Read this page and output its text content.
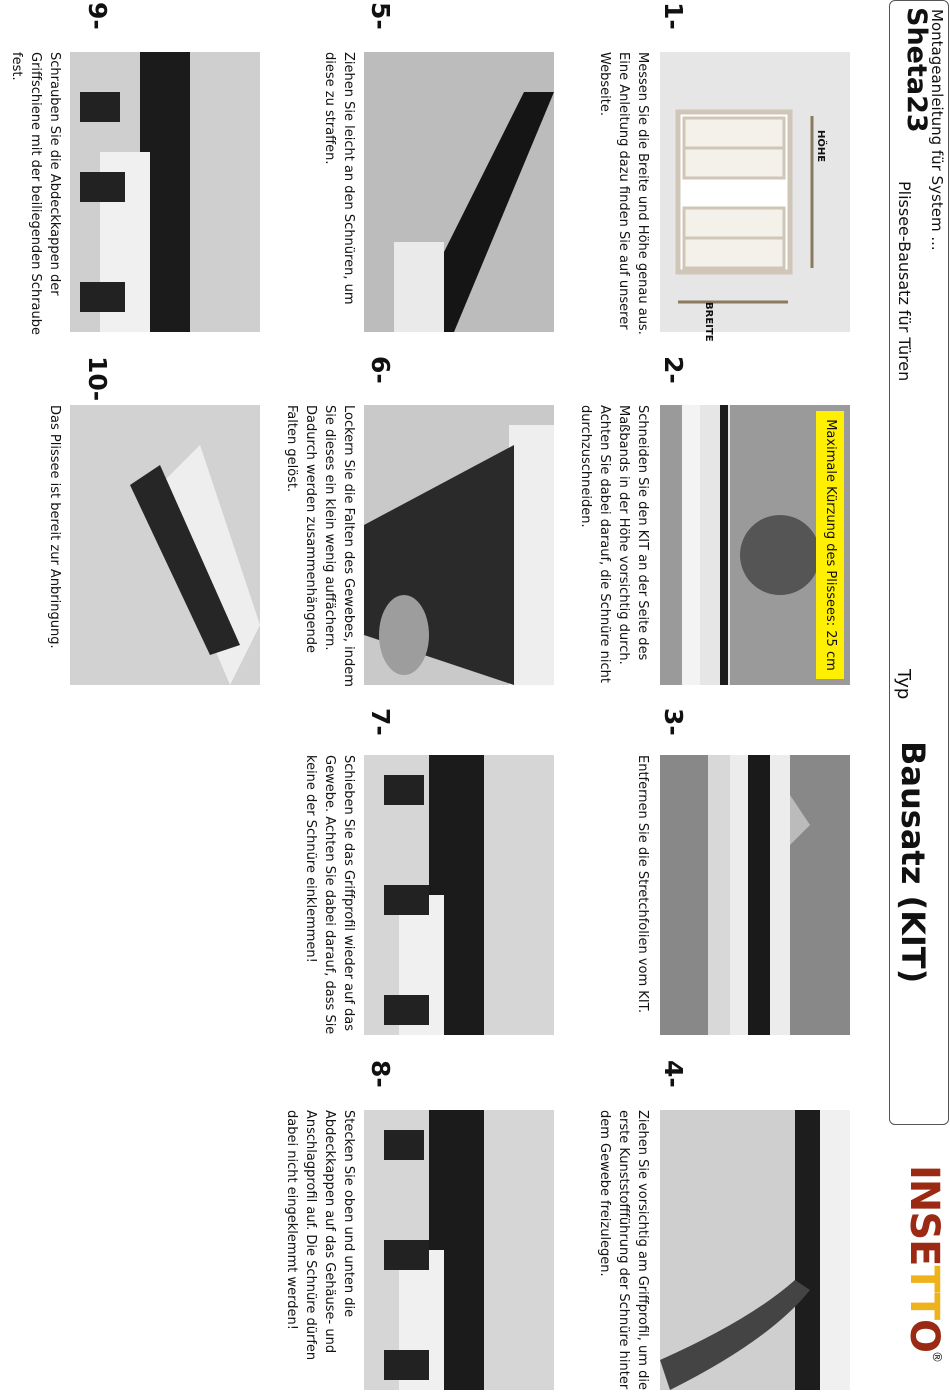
Montageanleitung für System ...
Sheta23
Plissee-Bausatz für Türen
Typ
Bausatz (KIT)
INSETTO
®
1-
HÖHE
BREITE
Messen Sie die Breite und Höhe genau aus. Eine Anleitung dazu finden Sie auf unserer Webseite.
2-
Maximale Kürzung des Plissees: 25 cm
Schneiden Sie den KIT an der Seite des Maßbands in der Höhe vorsichtig durch. Achten Sie dabei darauf, die Schnüre nicht durchzuschneiden.
3-
Entfernen Sie die Stretchfolien vom KIT.
4-
Ziehen Sie vorsichtig am Griffprofil, um die erste Kunststoffführung der Schnüre hinter dem Gewebe freizulegen.
5-
Ziehen Sie leicht an den Schnüren, um diese zu straffen.
6-
Lockern Sie die Falten des Gewebes, indem Sie dieses ein klein wenig auffächern. Dadurch werden zusammenhängende Falten gelöst.
7-
Schieben Sie das Griffprofil wieder auf das Gewebe. Achten Sie dabei darauf, dass Sie keine der Schnüre einklemmen!
8-
Stecken Sie oben und unten die Abdeckkappen auf das Gehäuse- und Anschlagprofil auf. Die Schnüre dürfen dabei nicht eingeklemmt werden!
9-
Schrauben Sie die Abdeckkappen der Griffschiene mit der beiliegenden Schraube fest.
10-
Das Plissee ist bereit zur Anbringung.
